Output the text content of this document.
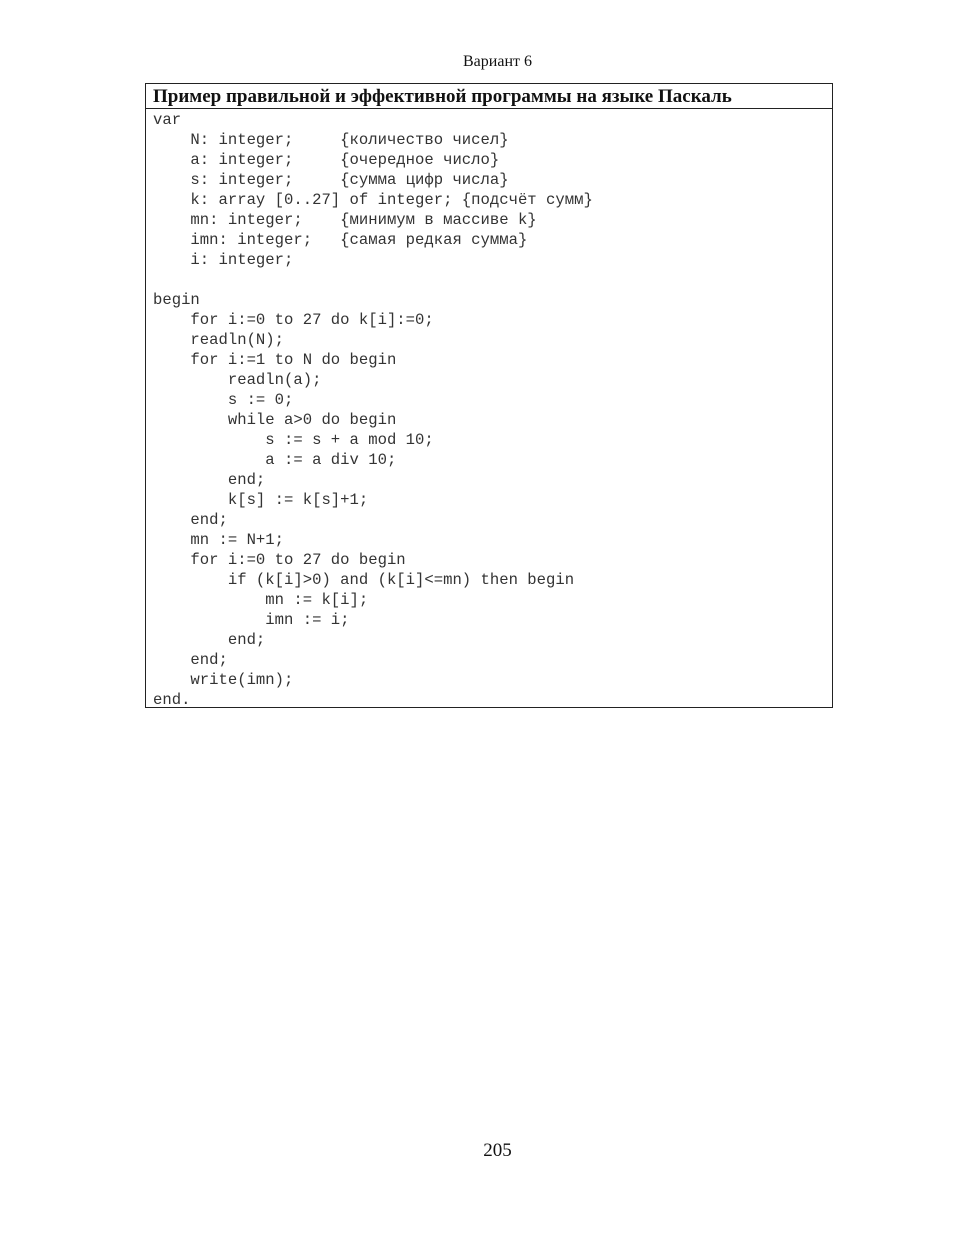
Вариант 6
Пример правильной и эффективной программы на языке Паскаль
var
N: integer;     {количество чисел}
a: integer;     {очередное число}
s: integer;     {сумма цифр числа}
k: array [0..27] of integer; {подсчёт сумм}
mn: integer;    {минимум в массиве k}
imn: integer;   {самая редкая сумма}
i: integer;
begin
for i:=0 to 27 do k[i]:=0;
readln(N);
for i:=1 to N do begin
readln(a);
s := 0;
while a>0 do begin
s := s + a mod 10;
a := a div 10;
end;
k[s] := k[s]+1;
end;
mn := N+1;
for i:=0 to 27 do begin
if (k[i]>0) and (k[i]<=mn) then begin
mn := k[i];
imn := i;
end;
end;
write(imn);
end.
205
